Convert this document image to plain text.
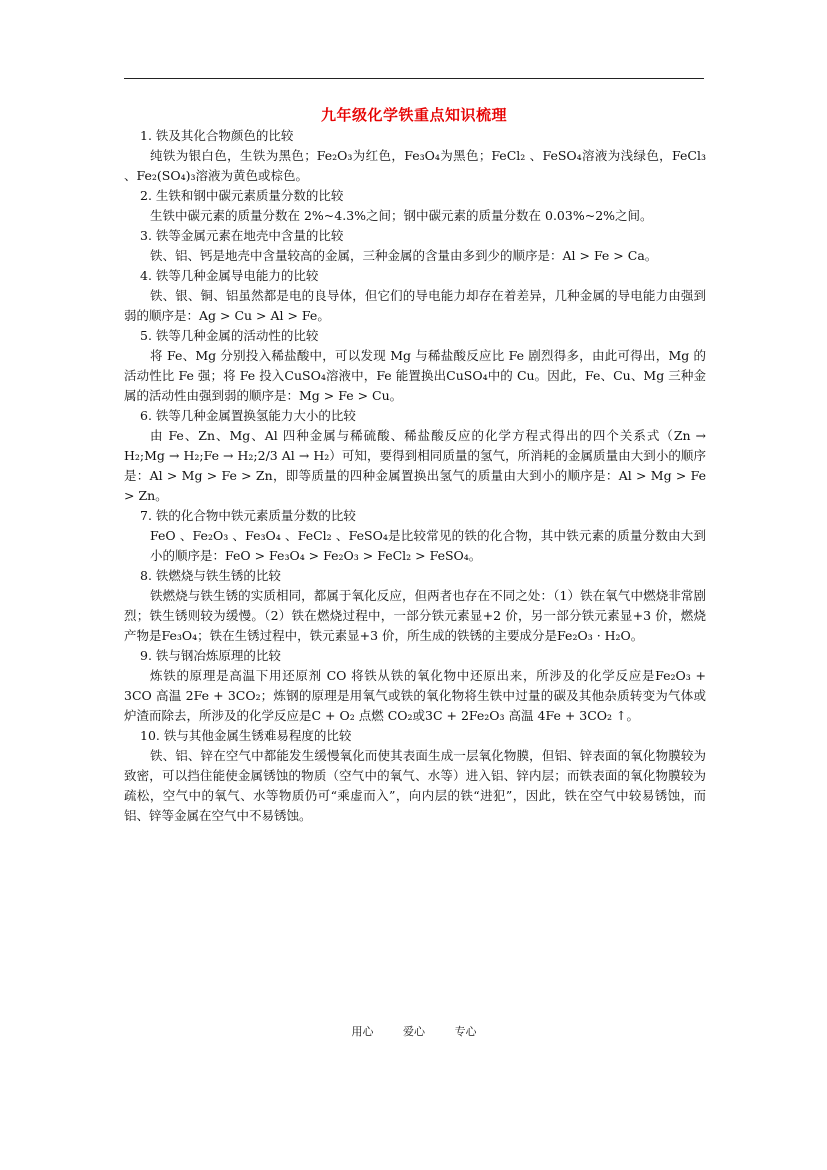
九年级化学铁重点知识梳理
1. 铁及其化合物颜色的比较
纯铁为银白色，生铁为黑色；Fe₂O₃为红色，Fe₃O₄为黑色；FeCl₂ 、FeSO₄溶液为浅绿色，FeCl₃ 、Fe₂(SO₄)₃溶液为黄色或棕色。
2. 生铁和钢中碳元素质量分数的比较
生铁中碳元素的质量分数在 2%~4.3%之间；钢中碳元素的质量分数在 0.03%~2%之间。
3. 铁等金属元素在地壳中含量的比较
铁、铝、钙是地壳中含量较高的金属，三种金属的含量由多到少的顺序是：Al > Fe > Ca。
4. 铁等几种金属导电能力的比较
铁、银、铜、铝虽然都是电的良导体，但它们的导电能力却存在着差异，几种金属的导电能力由强到弱的顺序是：Ag > Cu > Al > Fe。
5. 铁等几种金属的活动性的比较
将 Fe、Mg 分别投入稀盐酸中，可以发现 Mg 与稀盐酸反应比 Fe 剧烈得多，由此可得出，Mg 的活动性比 Fe 强；将 Fe 投入CuSO₄溶液中，Fe 能置换出CuSO₄中的 Cu。因此，Fe、Cu、Mg 三种金属的活动性由强到弱的顺序是：Mg > Fe > Cu。
6. 铁等几种金属置换氢能力大小的比较
由 Fe、Zn、Mg、Al 四种金属与稀硫酸、稀盐酸反应的化学方程式得出的四个关系式（Zn → H₂;Mg → H₂;Fe → H₂;2/3 Al → H₂）可知，要得到相同质量的氢气，所消耗的金属质量由大到小的顺序是：Al > Mg > Fe > Zn，即等质量的四种金属置换出氢气的质量由大到小的顺序是：Al > Mg > Fe > Zn。
7. 铁的化合物中铁元素质量分数的比较
FeO 、Fe₂O₃ 、Fe₃O₄ 、FeCl₂ 、FeSO₄是比较常见的铁的化合物，其中铁元素的质量分数由大到小的顺序是：FeO > Fe₃O₄ > Fe₂O₃ > FeCl₂ > FeSO₄。
8. 铁燃烧与铁生锈的比较
铁燃烧与铁生锈的实质相同，都属于氧化反应，但两者也存在不同之处：（1）铁在氧气中燃烧非常剧烈；铁生锈则较为缓慢。（2）铁在燃烧过程中，一部分铁元素显+2 价，另一部分铁元素显+3 价，燃烧产物是Fe₃O₄；铁在生锈过程中，铁元素显+3 价，所生成的铁锈的主要成分是Fe₂O₃ · H₂O。
9. 铁与钢冶炼原理的比较
炼铁的原理是高温下用还原剂 CO 将铁从铁的氧化物中还原出来，所涉及的化学反应是Fe₂O₃ + 3CO 高温 2Fe + 3CO₂；炼钢的原理是用氧气或铁的氧化物将生铁中过量的碳及其他杂质转变为气体或炉渣而除去，所涉及的化学反应是C + O₂ 点燃 CO₂或3C + 2Fe₂O₃ 高温 4Fe + 3CO₂ ↑。
10. 铁与其他金属生锈难易程度的比较
铁、铝、锌在空气中都能发生缓慢氧化而使其表面生成一层氧化物膜，但铝、锌表面的氧化物膜较为致密，可以挡住能使金属锈蚀的物质（空气中的氧气、水等）进入铝、锌内层；而铁表面的氧化物膜较为疏松，空气中的氧气、水等物质仍可“乘虚而入”，向内层的铁“进犯”，因此，铁在空气中较易锈蚀，而铝、锌等金属在空气中不易锈蚀。
用心	爱心	专心
